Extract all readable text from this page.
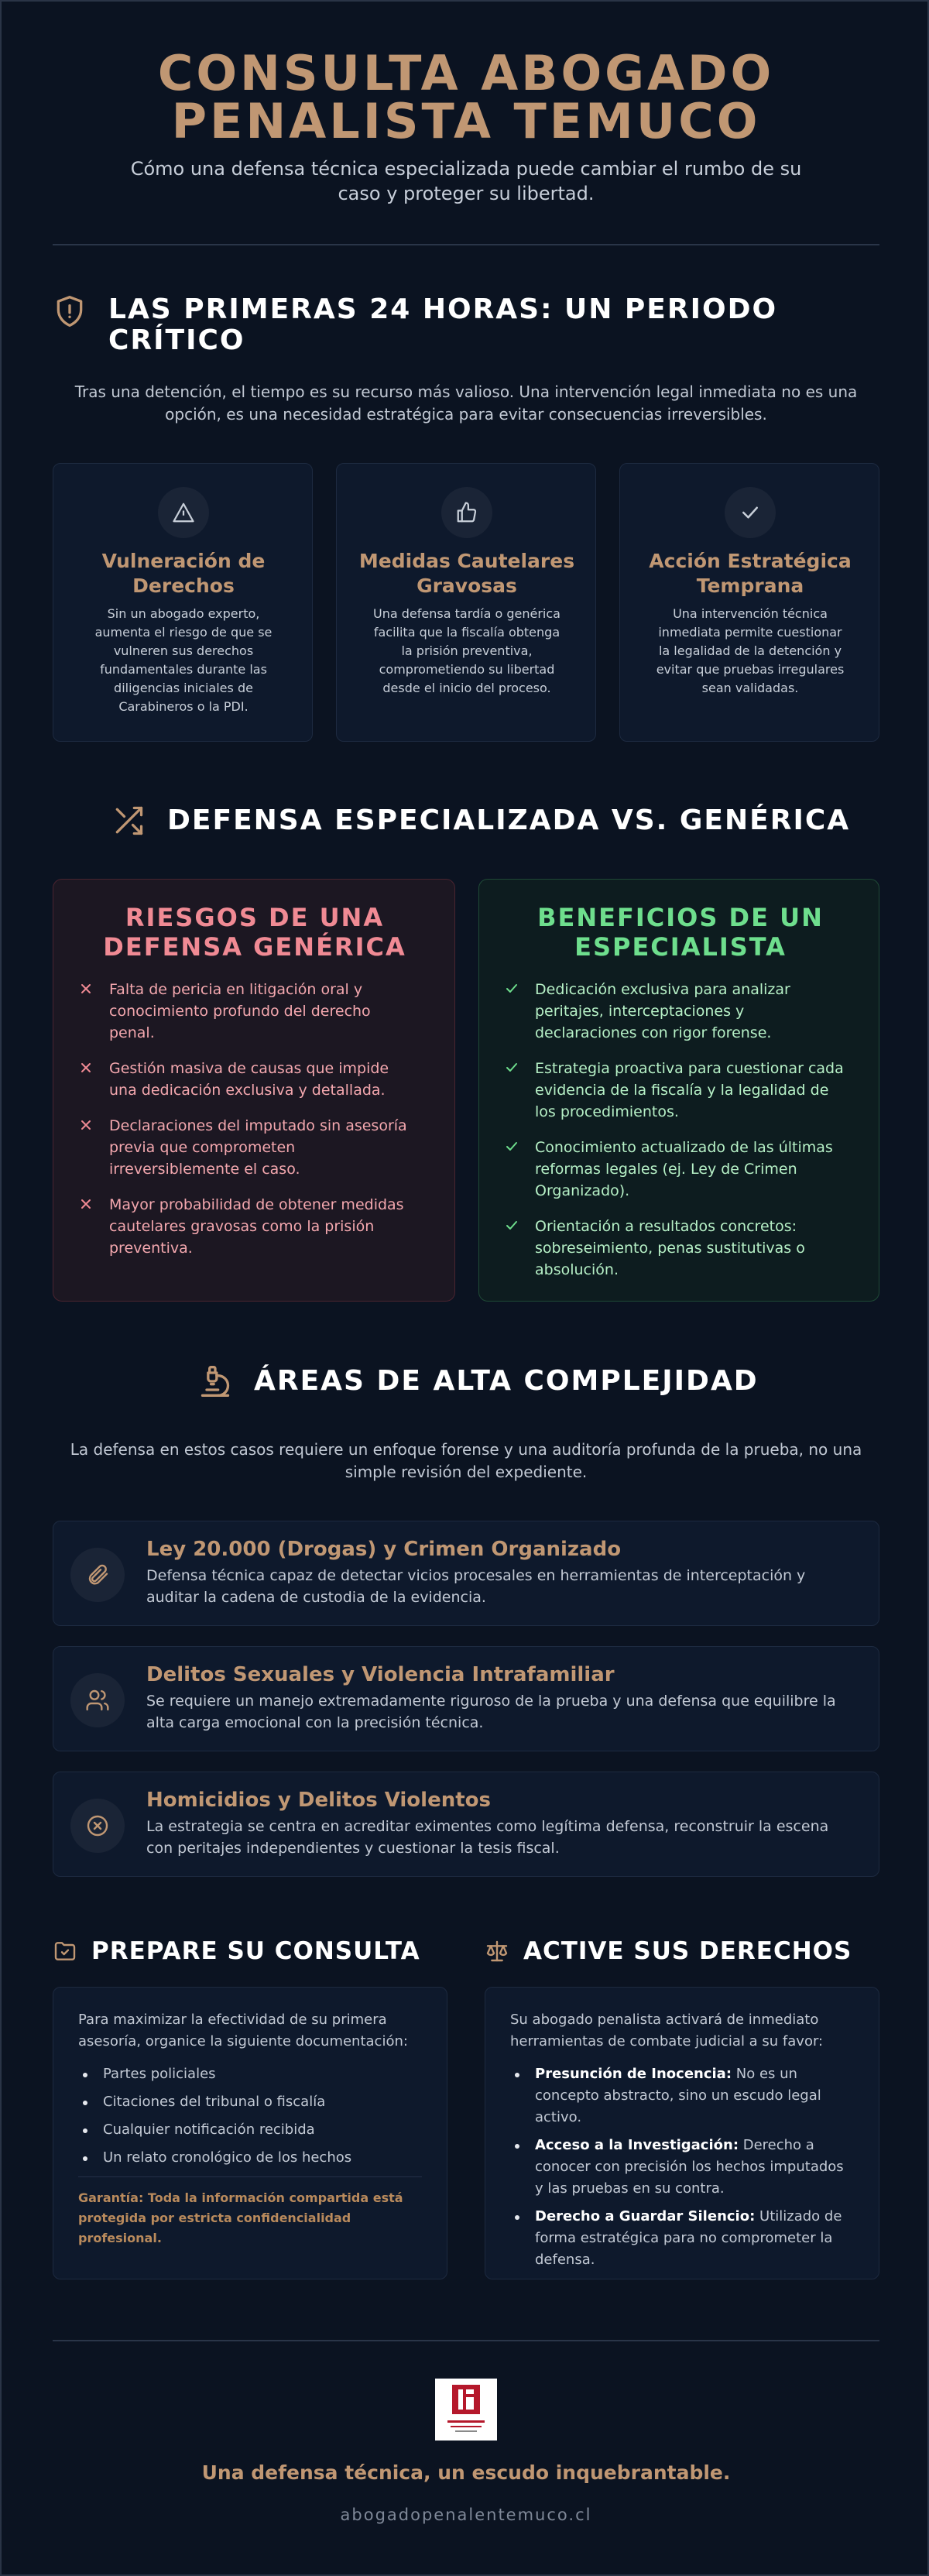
CONSULTA ABOGADO
PENALISTA TEMUCO

Cómo una defensa técnica especializada puede cambiar el rumbo de su caso y proteger su libertad.

LAS PRIMERAS 24 HORAS: UN PERIODO CRÍTICO

Tras una detención, el tiempo es su recurso más valioso. Una intervención legal inmediata no es una opción, es una necesidad estratégica para evitar consecuencias irreversibles.

Vulneración de Derechos
Sin un abogado experto, aumenta el riesgo de que se vulneren sus derechos fundamentales durante las diligencias iniciales de Carabineros o la PDI.
Medidas Cautelares Gravosas
Una defensa tardía o genérica facilita que la fiscalía obtenga la prisión preventiva, comprometiendo su libertad desde el inicio del proceso.
Acción Estratégica Temprana
Una intervención técnica inmediata permite cuestionar la legalidad de la detención y evitar que pruebas irregulares sean validadas.
DEFENSA ESPECIALIZADA VS. GENÉRICA
RIESGOS DE UNA DEFENSA GENÉRICA
Falta de pericia en litigación oral y conocimiento profundo del derecho penal.
Gestión masiva de causas que impide una dedicación exclusiva y detallada.
Declaraciones del imputado sin asesoría previa que comprometen irreversiblemente el caso.
Mayor probabilidad de obtener medidas cautelares gravosas como la prisión preventiva.
BENEFICIOS DE UN ESPECIALISTA
Dedicación exclusiva para analizar peritajes, interceptaciones y declaraciones con rigor forense.
Estrategia proactiva para cuestionar cada evidencia de la fiscalía y la legalidad de los procedimientos.
Conocimiento actualizado de las últimas reformas legales (ej. Ley de Crimen Organizado).
Orientación a resultados concretos: sobreseimiento, penas sustitutivas o absolución.
ÁREAS DE ALTA COMPLEJIDAD

La defensa en estos casos requiere un enfoque forense y una auditoría profunda de la prueba, no una simple revisión del expediente.

Ley 20.000 (Drogas) y Crimen Organizado
Defensa técnica capaz de detectar vicios procesales en herramientas de interceptación y auditar la cadena de custodia de la evidencia.
Delitos Sexuales y Violencia Intrafamiliar
Se requiere un manejo extremadamente riguroso de la prueba y una defensa que equilibre la alta carga emocional con la precisión técnica.
Homicidios y Delitos Violentos
La estrategia se centra en acreditar eximentes como legítima defensa, reconstruir la escena con peritajes independientes y cuestionar la tesis fiscal.
PREPARE SU CONSULTA	ACTIVE SUS DERECHOS

Para maximizar la efectividad de su primera asesoría, organice la siguiente documentación:

Partes policiales
Citaciones del tribunal o fiscalía
Cualquier notificación recibida
Un relato cronológico de los hechos

Garantía: Toda la información compartida está protegida por estricta confidencialidad profesional.

Su abogado penalista activará de inmediato herramientas de combate judicial a su favor:

Presunción de Inocencia: No es un concepto abstracto, sino un escudo legal activo.
Acceso a la Investigación: Derecho a conocer con precisión los hechos imputados y las pruebas en su contra.
Derecho a Guardar Silencio: Utilizado de forma estratégica para no comprometer la defensa.

Una defensa técnica, un escudo inquebrantable.

abogadopenalentemuco.cl
